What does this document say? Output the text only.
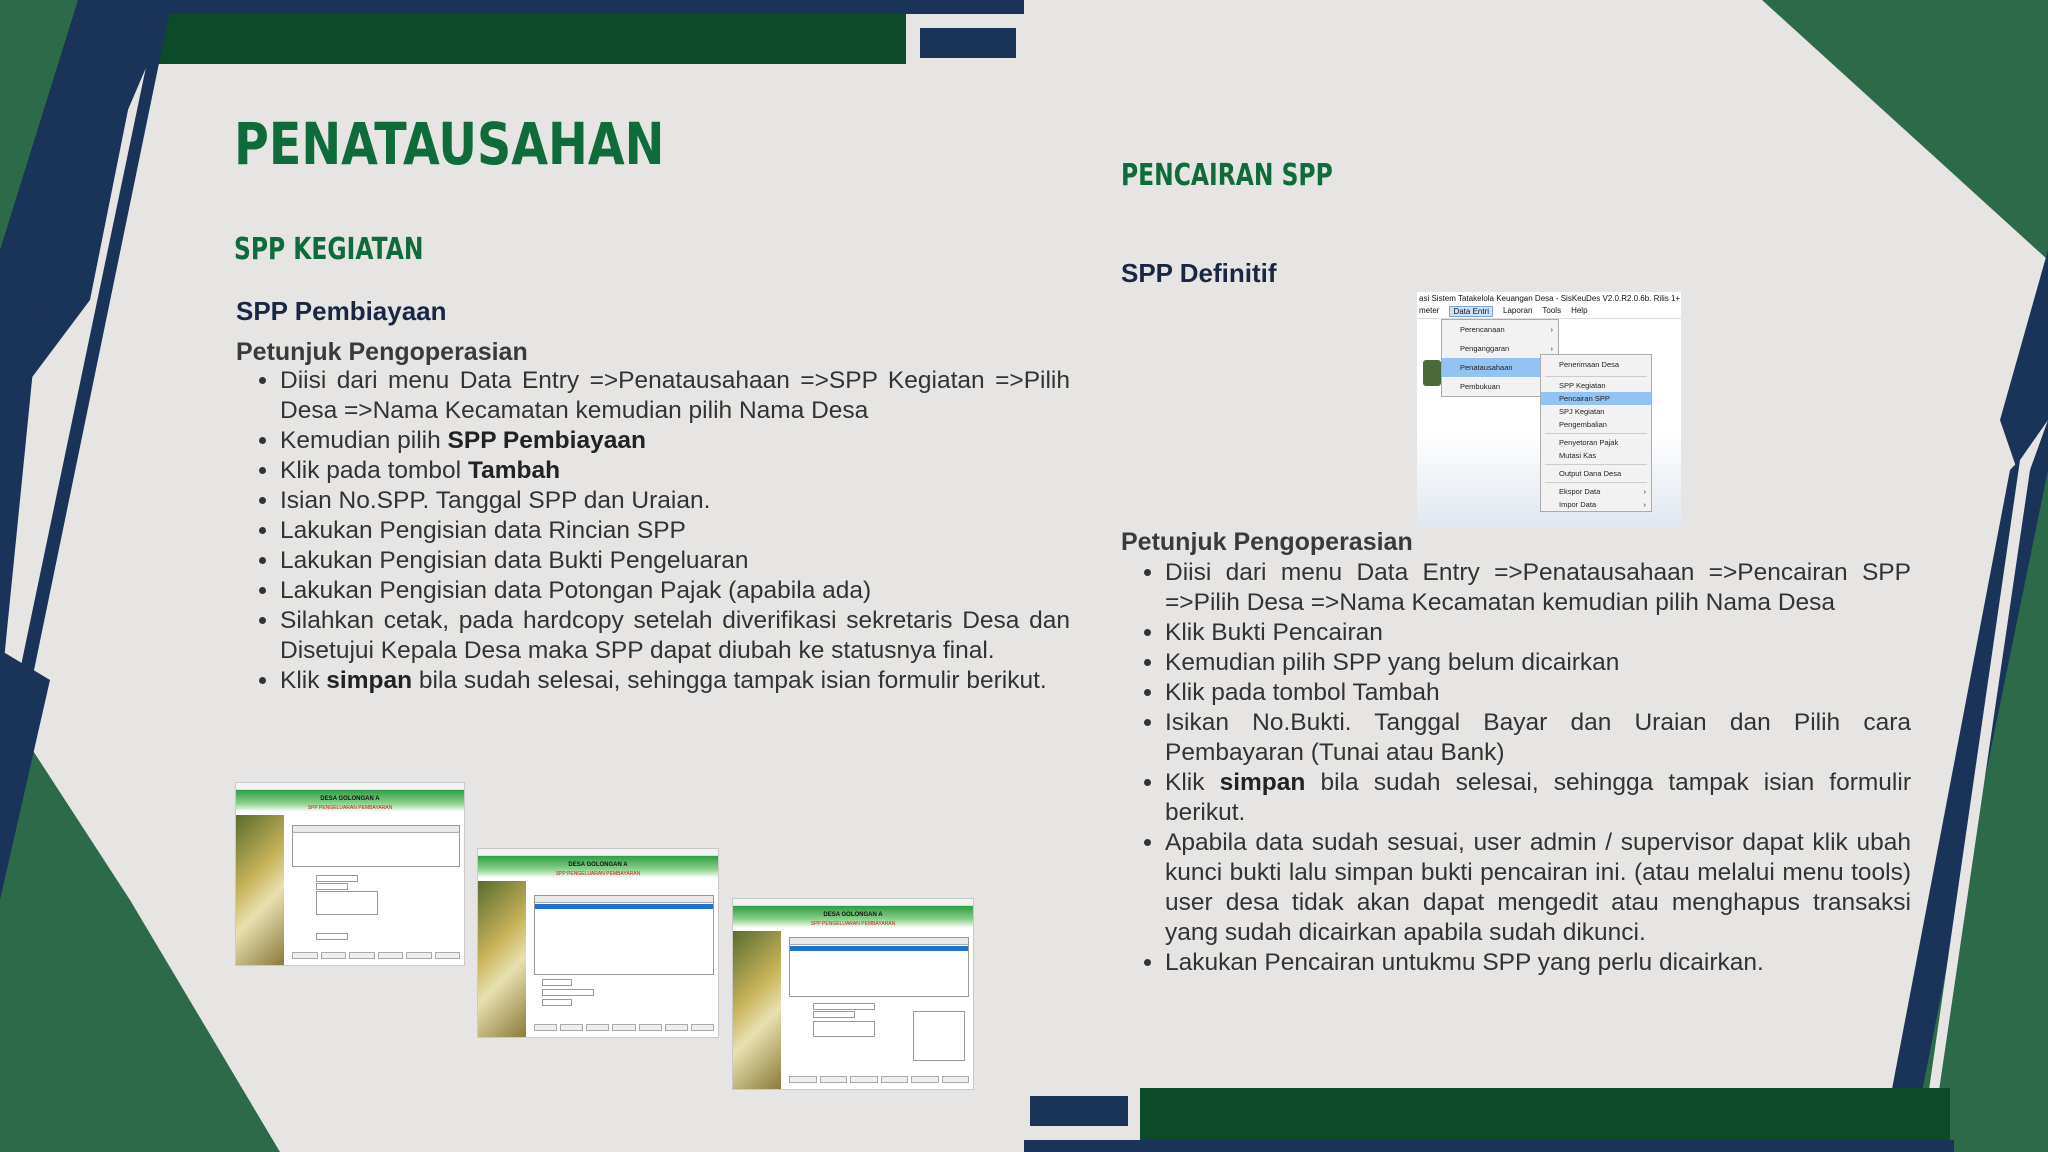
PENATAUSAHAN
SPP KEGIATAN
SPP Pembiayaan
Petunjuk Pengoperasian
• Diisi dari menu Data Entry =>Penatausahaan =>SPP Kegiatan =>Pilih Desa =>Nama Kecamatan kemudian pilih Nama Desa
• Kemudian pilih SPP Pembiayaan
• Klik pada tombol Tambah
• Isian No.SPP. Tanggal SPP dan Uraian.
• Lakukan Pengisian data Rincian SPP
• Lakukan Pengisian data Bukti Pengeluaran
• Lakukan Pengisian data Potongan Pajak (apabila ada)
• Silahkan cetak, pada hardcopy setelah diverifikasi sekretaris Desa dan Disetujui Kepala Desa maka SPP dapat diubah ke statusnya final.
• Klik simpan bila sudah selesai, sehingga tampak isian formulir berikut.
DESA GOLONGAN A
SPP PENGELUARAN PEMBAYARAN
DESA GOLONGAN A
SPP PENGELUARAN PEMBAYARAN
DESA GOLONGAN A
SPP PENGELUARAN PEMBAYARAN
PENCAIRAN SPP
SPP Definitif
asi Sistem Tatakelola Keuangan Desa - SisKeuDes V2.0.R2.0.6b. Rilis 1+
meter	Data Entri	Laporan Tools Help
Perencanaan	›
Penganggaran	›
Penatausahaan
Pembukuan
Penerimaan Desa
SPP Kegiatan
Pencairan SPP
SPJ Kegiatan
Pengembalian
Penyetoran Pajak
Mutasi Kas
Output Dana Desa
Ekspor Data	›
Impor Data	›
Petunjuk Pengoperasian
• Diisi dari menu Data Entry =>Penatausahaan =>Pencairan SPP =>Pilih Desa =>Nama Kecamatan kemudian pilih Nama Desa
• Klik Bukti Pencairan
• Kemudian pilih SPP yang belum dicairkan
• Klik pada tombol Tambah
• Isikan No.Bukti. Tanggal Bayar dan Uraian dan Pilih cara Pembayaran (Tunai atau Bank)
• Klik simpan bila sudah selesai, sehingga tampak isian formulir berikut.
• Apabila data sudah sesuai, user admin / supervisor dapat klik ubah kunci bukti lalu simpan bukti pencairan ini. (atau melalui menu tools) user desa tidak akan dapat mengedit atau menghapus transaksi yang sudah dicairkan apabila sudah dikunci.
• Lakukan Pencairan untukmu SPP yang perlu dicairkan.
